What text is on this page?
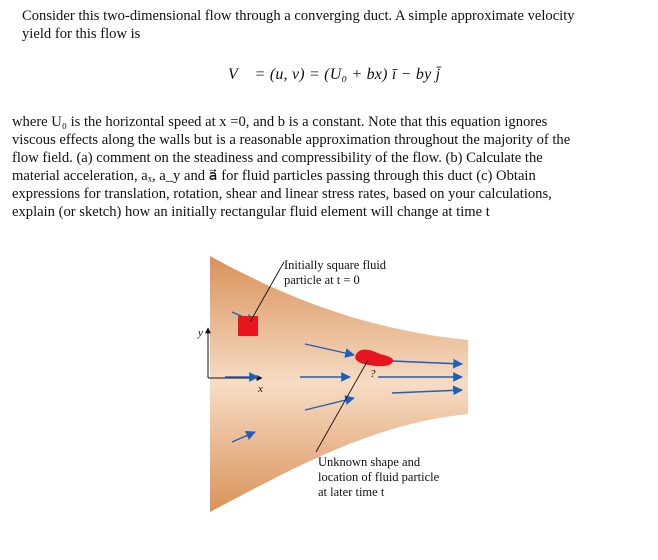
Consider this two-dimensional flow through a converging duct. A simple approximate velocity
yield for this flow is

V⃗ = (u, v) = (U₀ + bx) ī − by j̄

where U₀ is the horizontal speed at x =0, and b is a constant. Note that this equation ignores
viscous effects along the walls but is a reasonable approximation throughout the majority of the
flow field. (a) comment on the steadiness and compressibility of the flow. (b) Calculate the
material acceleration, aₓ, a_y and a⃗ for fluid particles passing through this duct (c) Obtain
expressions for translation, rotation, shear and linear stress rates, based on your calculations,
explain (or sketch) how an initially rectangular fluid element will change at time t

x
y
?
Initially square fluid
particle at t = 0
Unknown shape and
location of fluid particle
at later time t
